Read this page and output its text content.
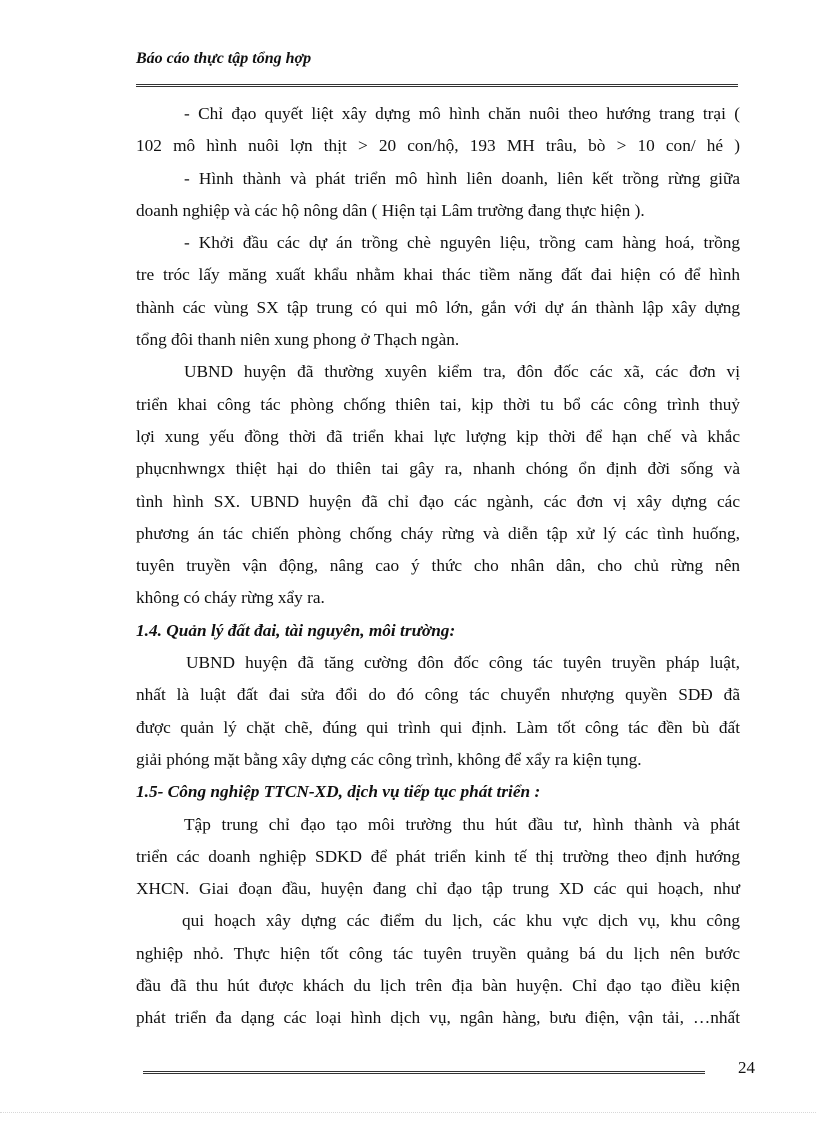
Báo cáo thực tập tổng hợp
- Chỉ đạo quyết liệt xây dựng mô hình chăn nuôi theo hướng trang trại (
102 mô hình nuôi lợn thịt > 20 con/hộ, 193 MH trâu, bò > 10 con/ hé )
- Hình thành và phát triển mô hình liên doanh, liên kết trồng rừng giữa
doanh nghiệp và các hộ nông dân ( Hiện tại Lâm trường đang thực hiện ).
- Khởi đầu các dự án trồng chè nguyên liệu, trồng cam hàng hoá, trồng
tre tróc lấy măng xuất khẩu nhằm khai thác tiềm năng đất đai hiện có để hình
thành các vùng SX tập trung có qui mô lớn, gắn với dự án thành lập xây dựng
tổng đôi thanh niên xung phong ở Thạch ngàn.
UBND huyện đã thường xuyên kiểm tra, đôn đốc các xã, các đơn vị
triển khai công tác phòng chống thiên tai, kịp thời tu bổ các công trình thuỷ
lợi xung yếu đồng thời đã triển khai lực lượng kịp thời để hạn chế và khắc
phụcnhwngx thiệt hại do thiên tai gây ra, nhanh chóng ổn định đời sống và
tình hình SX. UBND huyện đã chỉ đạo các ngành, các đơn vị xây dựng các
phương án tác chiến phòng chống cháy rừng và diễn tập xử lý các tình huống,
tuyên truyền vận động, nâng cao ý thức cho nhân dân, cho chủ rừng nên
không có cháy rừng xẩy ra.
1.4. Quản lý đất đai, tài nguyên, môi trường:
UBND huyện đã tăng cường đôn đốc công tác tuyên truyền pháp luật,
nhất là luật đất đai sửa đổi do đó công tác chuyển nhượng quyền SDĐ đã
được quản lý chặt chẽ, đúng qui trình qui định. Làm tốt công tác đền bù đất
giải phóng mặt bằng xây dựng các công trình, không để xẩy ra kiện tụng.
1.5- Công nghiệp TTCN-XD, dịch vụ tiếp tục phát triển :
Tập trung chỉ đạo tạo môi trường thu hút đầu tư, hình thành và phát
triển các doanh nghiệp SDKD để phát triển kinh tế thị trường theo định hướng
XHCN. Giai đoạn đầu, huyện đang chỉ đạo tập trung XD các qui hoạch, như
qui hoạch xây dựng các điểm du lịch, các khu vực dịch vụ, khu công
nghiệp nhỏ. Thực hiện tốt công tác tuyên truyền quảng bá du lịch nên bước
đầu đã thu hút được khách du lịch trên địa bàn huyện. Chỉ đạo tạo điều kiện
phát triển đa dạng các loại hình dịch vụ, ngân hàng, bưu điện, vận tải, …nhất
24
